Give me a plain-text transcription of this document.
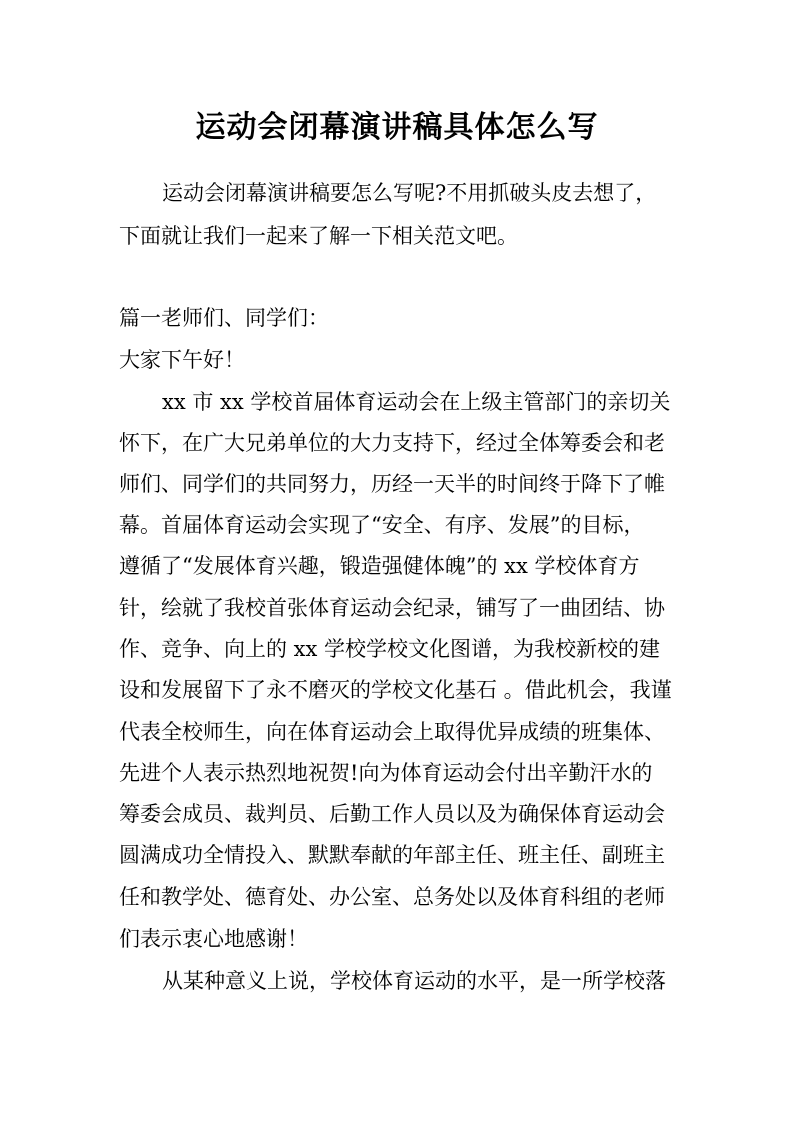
运动会闭幕演讲稿具体怎么写
运动会闭幕演讲稿要怎么写呢?不用抓破头皮去想了，
下面就让我们一起来了解一下相关范文吧。
篇一老师们、同学们：
大家下午好！
xx 市 xx 学校首届体育运动会在上级主管部门的亲切关
怀下，在广大兄弟单位的大力支持下，经过全体筹委会和老
师们、同学们的共同努力，历经一天半的时间终于降下了帷
幕。首届体育运动会实现了“安全、有序、发展”的目标，
遵循了“发展体育兴趣，锻造强健体魄”的 xx 学校体育方
针，绘就了我校首张体育运动会纪录，铺写了一曲团结、协
作、竞争、向上的 xx 学校学校文化图谱，为我校新校的建
设和发展留下了永不磨灭的学校文化基石 。借此机会，我谨
代表全校师生，向在体育运动会上取得优异成绩的班集体、
先进个人表示热烈地祝贺!向为体育运动会付出辛勤汗水的
筹委会成员、裁判员、后勤工作人员以及为确保体育运动会
圆满成功全情投入、默默奉献的年部主任、班主任、副班主
任和教学处、德育处、办公室、总务处以及体育科组的老师
们表示衷心地感谢！
从某种意义上说，学校体育运动的水平，是一所学校落
